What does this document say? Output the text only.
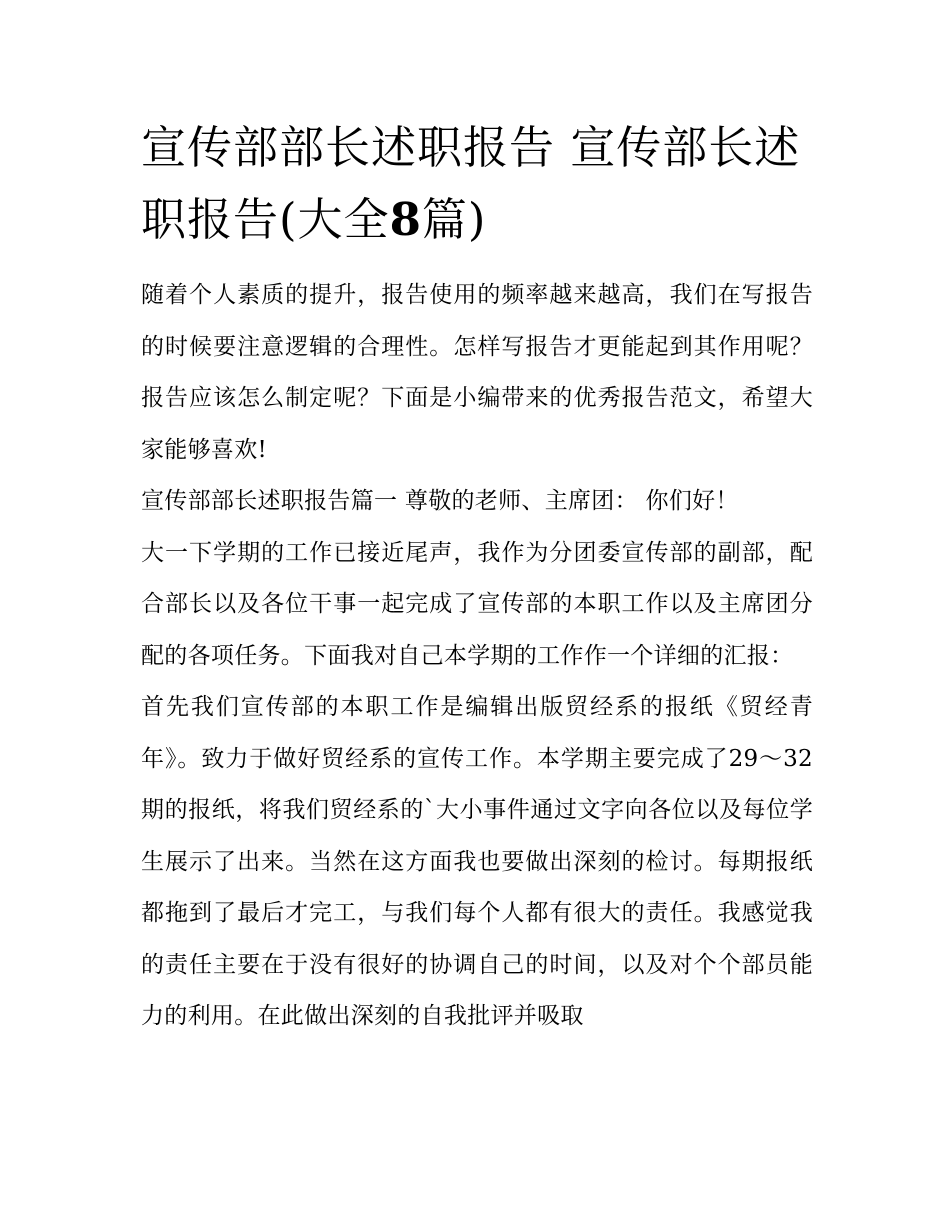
宣传部部长述职报告 宣传部长述职报告(大全8篇)

随着个人素质的提升，报告使用的频率越来越高，我们在写报告的时候要注意逻辑的合理性。怎样写报告才更能起到其作用呢？报告应该怎么制定呢？下面是小编带来的优秀报告范文，希望大家能够喜欢!

宣传部部长述职报告篇一 尊敬的老师、主席团： 你们好！

大一下学期的工作已接近尾声，我作为分团委宣传部的副部，配合部长以及各位干事一起完成了宣传部的本职工作以及主席团分配的各项任务。下面我对自己本学期的工作作一个详细的汇报：

首先我们宣传部的本职工作是编辑出版贸经系的报纸《贸经青年》。致力于做好贸经系的宣传工作。本学期主要完成了29～32期的报纸，将我们贸经系的`大小事件通过文字向各位以及每位学生展示了出来。当然在这方面我也要做出深刻的检讨。每期报纸都拖到了最后才完工，与我们每个人都有很大的责任。我感觉我的责任主要在于没有很好的协调自己的时间，以及对个个部员能力的利用。在此做出深刻的自我批评并吸取
